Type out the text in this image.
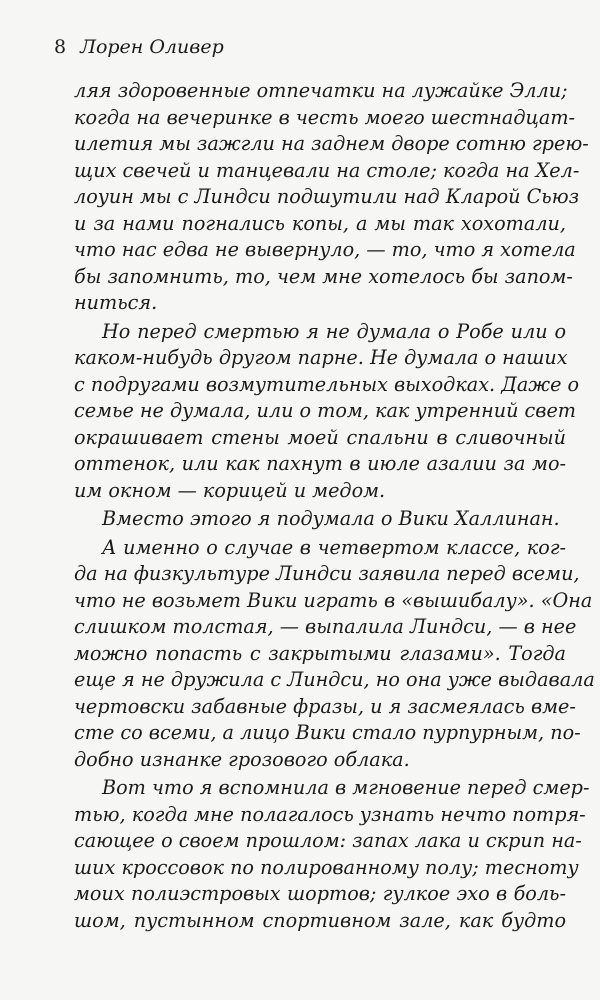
8 Лорен Оливер
ляя здоровенные отпечатки на лужайке Элли;
когда на вечеринке в честь моего шестнадцат-
илетия мы зажгли на заднем дворе сотню грею-
щих свечей и танцевали на столе; когда на Хел-
лоуин мы с Линдси подшутили над Кларой Сьюз
и за нами погнались копы, а мы так хохотали,
что нас едва не вывернуло, — то, что я хотела
бы запомнить, то, чем мне хотелось бы запом-
ниться.
Но перед смертью я не думала о Робе или о
каком-нибудь другом парне. Не думала о наших
с подругами возмутительных выходках. Даже о
семье не думала, или о том, как утренний свет
окрашивает стены моей спальни в сливочный
оттенок, или как пахнут в июле азалии за мо-
им окном — корицей и медом.
Вместо этого я подумала о Вики Халлинан.
А именно о случае в четвертом классе, ког-
да на физкультуре Линдси заявила перед всеми,
что не возьмет Вики играть в «вышибалу». «Она
слишком толстая, — выпалила Линдси, — в нее
можно попасть с закрытыми глазами». Тогда
еще я не дружила с Линдси, но она уже выдавала
чертовски забавные фразы, и я засмеялась вме-
сте со всеми, а лицо Вики стало пурпурным, по-
добно изнанке грозового облака.
Вот что я вспомнила в мгновение перед смер-
тью, когда мне полагалось узнать нечто потря-
сающее о своем прошлом: запах лака и скрип на-
ших кроссовок по полированному полу; тесноту
моих полиэстровых шортов; гулкое эхо в боль-
шом, пустынном спортивном зале, как будто
